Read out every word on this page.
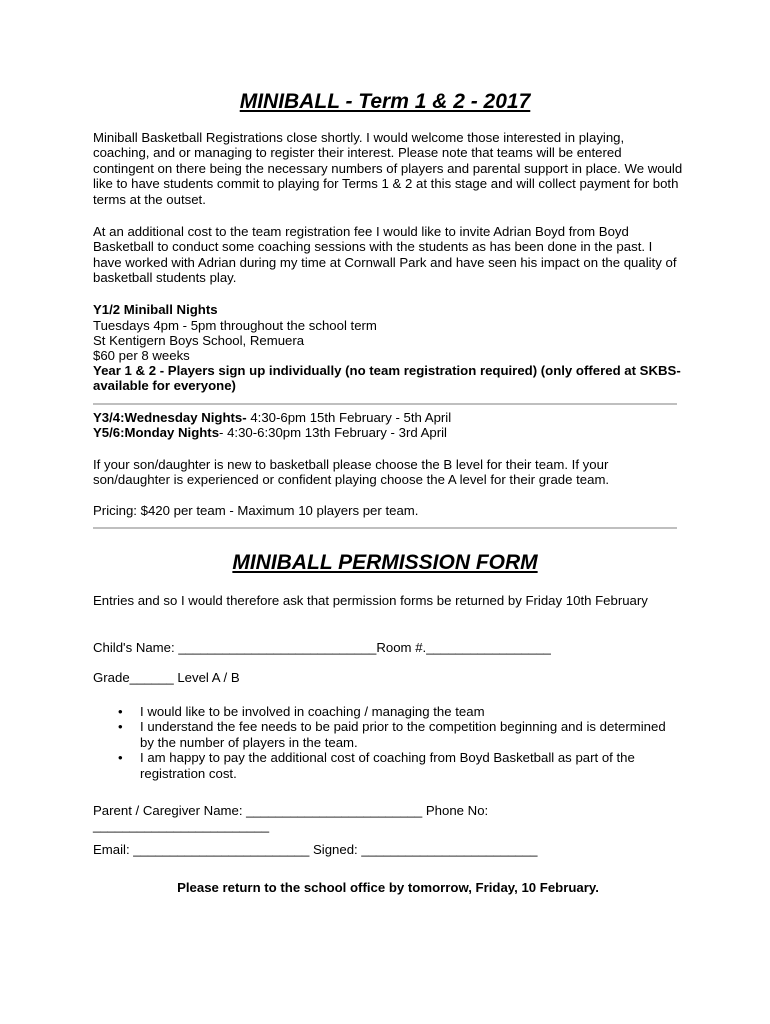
MINIBALL - Term 1 & 2 - 2017
Miniball Basketball Registrations close shortly. I would welcome those interested in playing, coaching, and or managing to register their interest. Please note that teams will be entered contingent on there being the necessary numbers of players and parental support in place. We would like to have students commit to playing for Terms 1 & 2 at this stage and will collect payment for both terms at the outset.
At an additional cost to the team registration fee I would like to invite Adrian Boyd from Boyd Basketball to conduct some coaching sessions with the students as has been done in the past. I have worked with Adrian during my time at Cornwall Park and have seen his impact on the quality of basketball students play.
Y1/2 Miniball Nights
Tuesdays 4pm - 5pm throughout the school term
St Kentigern Boys School, Remuera
$60 per 8 weeks
Year 1 & 2 - Players sign up individually (no team registration required) (only offered at SKBS-available for everyone)
Y3/4:Wednesday Nights- 4:30-6pm 15th February - 5th April
Y5/6:Monday Nights- 4:30-6:30pm 13th February - 3rd April
If your son/daughter is new to basketball please choose the B level for their team. If your son/daughter is experienced or confident playing choose the A level for their grade team.
Pricing: $420 per team - Maximum 10 players per team.
MINIBALL PERMISSION FORM
Entries and so I would therefore ask that permission forms be returned by Friday 10th February
Child's Name: ___________________________Room #._________________
Grade______ Level A / B
• I would like to be involved in coaching / managing the team
• I understand the fee needs to be paid prior to the competition beginning and is determined by the number of players in the team.
• I am happy to pay the additional cost of coaching from Boyd Basketball as part of the registration cost.
Parent / Caregiver Name: ________________________ Phone No: ________________________
Email: ________________________ Signed: ________________________
Please return to the school office by tomorrow, Friday, 10 February.
